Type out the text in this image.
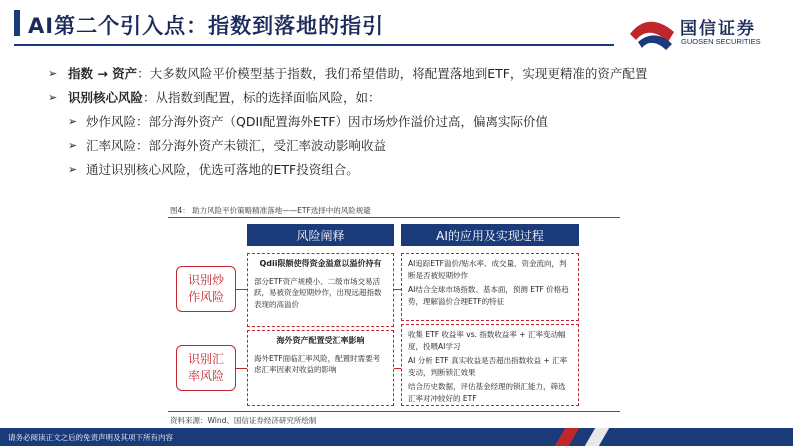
AI第二个引入点：指数到落地的指引	国信证券
GUOSEN SECURITIES
➢ 指数 → 资产：大多数风险平价模型基于指数，我们希望借助，将配置落地到ETF，实现更精准的资产配置
➢ 识别核心风险：从指数到配置，标的选择面临风险，如：
➢ 炒作风险：部分海外资产（QDII配置海外ETF）因市场炒作溢价过高，偏离实际价值
➢ 汇率风险：部分海外资产未锁汇，受汇率波动影响收益
➢ 通过识别核心风险，优选可落地的ETF投资组合。
图4： 助力风险平价策略精准落地——ETF选择中的风险规避
风险阐释	AI的应用及实现过程
识别炒
作风险
识别汇
率风险
Qdii限额使得资金溢意以溢价持有

部分ETF资产规模小、二级市场交易活跃，易被资金短期炒作，出现远超指数表现的高溢价

AI追踪ETF溢价/贴水率、成交量、资金流向，判断是否被短期炒作

AI结合全球市场指数、基本面，预测 ETF 价格趋势，理解溢价合理ETF的特征

海外资产配置受汇率影响

海外ETF面临汇率风险，配置时需要考虑汇率因素对收益的影响

收集 ETF 收益率 vs. 指数收益率 + 汇率变动幅度，投喂AI学习

AI 分析 ETF 真实收益是否超出指数收益 + 汇率变动，判断锁汇效果

结合历史数据，评估基金经理的锁汇能力，筛选汇率对冲较好的 ETF

资料来源：Wind、国信证券经济研究所绘制
请务必阅读正文之后的免责声明及其项下所有内容
